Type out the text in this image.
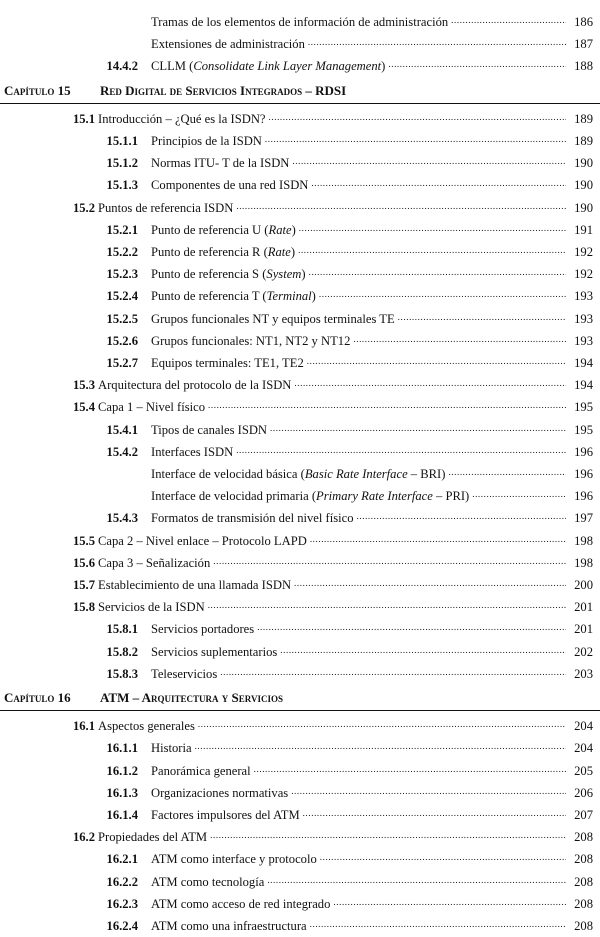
Tramas de los elementos de información de administración .....	186
Extensiones de administración .....	187
14.4.2 CLLM (Consolidate Link Layer Management) .....	188
Capítulo 15 Red Digital de Servicios Integrados – RDSI
15.1 Introducción – ¿Qué es la ISDN? .....	189
15.1.1 Principios de la ISDN .....	189
15.1.2 Normas ITU- T de la ISDN .....	190
15.1.3 Componentes de una red ISDN .....	190
15.2 Puntos de referencia ISDN .....	190
15.2.1 Punto de referencia U (Rate) .....	191
15.2.2 Punto de referencia R (Rate) .....	192
15.2.3 Punto de referencia S (System) .....	192
15.2.4 Punto de referencia T (Terminal) .....	193
15.2.5 Grupos funcionales NT y equipos terminales TE .....	193
15.2.6 Grupos funcionales: NT1, NT2 y NT12 .....	193
15.2.7 Equipos terminales: TE1, TE2 .....	194
15.3 Arquitectura del protocolo de la ISDN .....	194
15.4 Capa 1 – Nivel físico .....	195
15.4.1 Tipos de canales ISDN .....	195
15.4.2 Interfaces ISDN .....	196
Interface de velocidad básica (Basic Rate Interface – BRI) .....	196
Interface de velocidad primaria (Primary Rate Interface – PRI) .....	196
15.4.3 Formatos de transmisión del nivel físico .....	197
15.5 Capa 2 – Nivel enlace – Protocolo LAPD .....	198
15.6 Capa 3 – Señalización .....	198
15.7 Establecimiento de una llamada ISDN .....	200
15.8 Servicios de la ISDN .....	201
15.8.1 Servicios portadores .....	201
15.8.2 Servicios suplementarios .....	202
15.8.3 Teleservicios .....	203
Capítulo 16 ATM – Arquitectura y Servicios
16.1 Aspectos generales .....	204
16.1.1 Historia .....	204
16.1.2 Panorámica general .....	205
16.1.3 Organizaciones normativas .....	206
16.1.4 Factores impulsores del ATM .....	207
16.2 Propiedades del ATM .....	208
16.2.1 ATM como interface y protocolo .....	208
16.2.2 ATM como tecnología .....	208
16.2.3 ATM como acceso de red integrado .....	208
16.2.4 ATM como una infraestructura .....	208
